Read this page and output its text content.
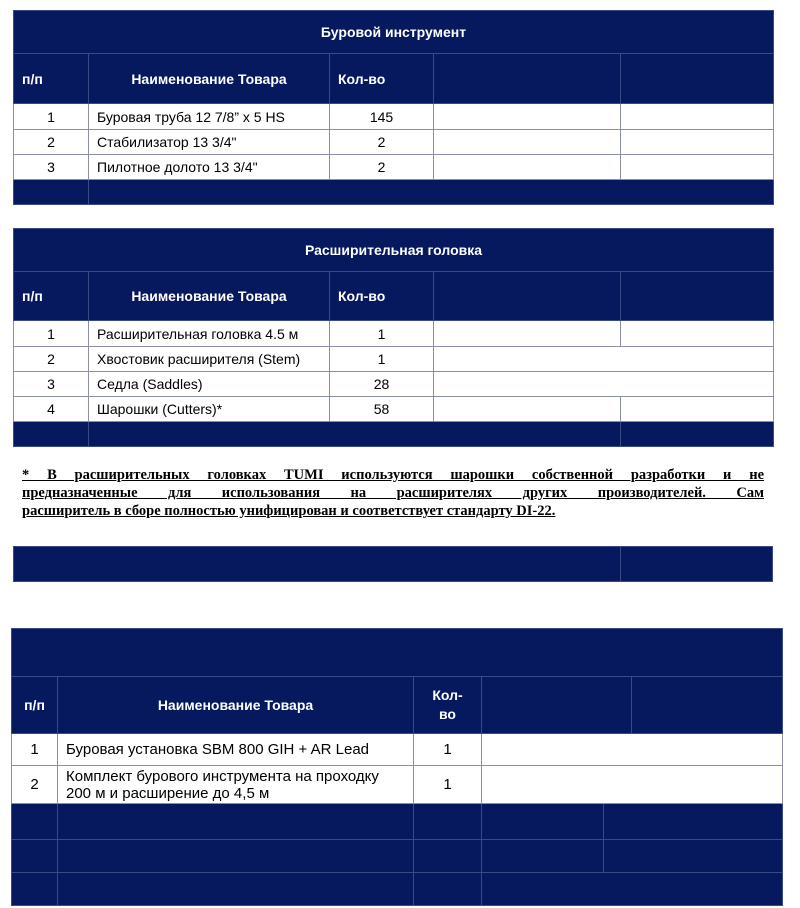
Буровой инструмент				
п/п	Наименование Товара	Кол-во		
1	Буровая труба 12 7/8” x 5 HS	145		
2	Стабилизатор 13 3/4"	2		
3	Пилотное долото 13 3/4"	2		

Расширительная головка				
п/п	Наименование Товара	Кол-во		
1	Расширительная головка 4.5 м	1		
2	Хвостовик расширителя (Stem)	1		
3	Седла (Saddles)	28		
4	Шарошки (Cutters)*	58		

* В расширительных головках TUMI используются шарошки собственной разработки и не
предназначенные для использования на расширителях других производителей. Сам
расширитель в сборе полностью унифицирован и соответствует стандарту DI-22.

п/п	Наименование Товара	Кол-
во			

1	Буровая установка SBM 800 GIH + AR Lead	1			
2	Комплект бурового инструмента на проходку
200 м и расширение до 4,5 м	1			
